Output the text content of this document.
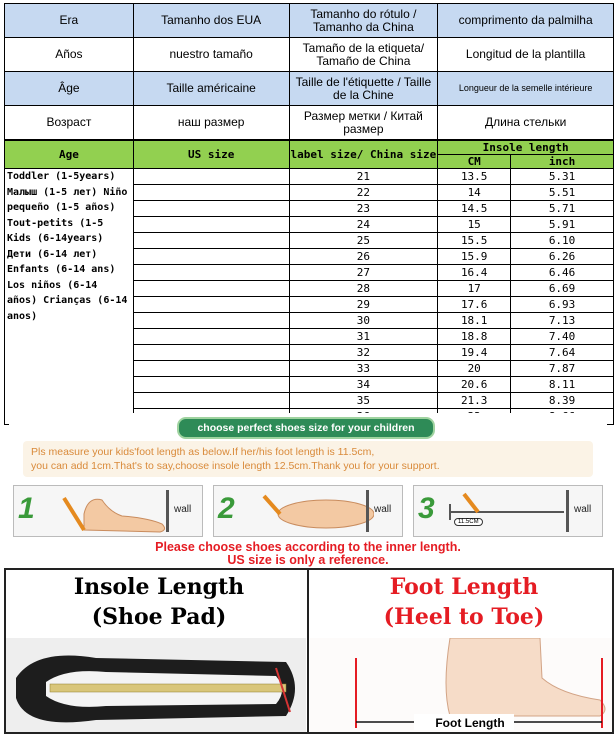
Era	Tamanho dos EUA	Tamanho do rótulo / Tamanho da China	comprimento da palmilha
Años	nuestro tamaño	Tamaño de la etiqueta/ Tamaño de China	Longitud de la plantilla
Âge	Taille américaine	Taille de l'étiquette / Taille de la Chine	Longueur de la semelle intérieure
Возраст	наш размер	Размер метки / Китай размер	Длина стельки
Age	US size	label size/ China size	Insole length	
			CM	inch

Toddler (1-5years) Малыш (1-5 лет) Niño pequeño (1-5 años) Tout-petits (1-5 Kids (6-14years) Дети (6-14 лет) Enfants (6-14 ans) Los niños (6-14 años) Crianças (6-14 anos)		21	13.5	5.31
		22	14	5.51
		23	14.5	5.71
		24	15	5.91
		25	15.5	6.10
		26	15.9	6.26
		27	16.4	6.46
		28	17	6.69
		29	17.6	6.93
		30	18.1	7.13
		31	18.8	7.40
		32	19.4	7.64
		33	20	7.87
		34	20.6	8.11
		35	21.3	8.39

choose perfect shoes size for your children
Pls measure your kids'foot length as below.If her/his foot length is 11.5cm,
you can add 1cm.That's to say,choose insole length 12.5cm.Thank you for your support.
1	wall 2	wall 3	11.5CM
wall
Please choose shoes according to the inner length.
US size is only a reference.
Insole Length
(Shoe Pad)
Foot Length
(Heel to Toe)
Foot Length
